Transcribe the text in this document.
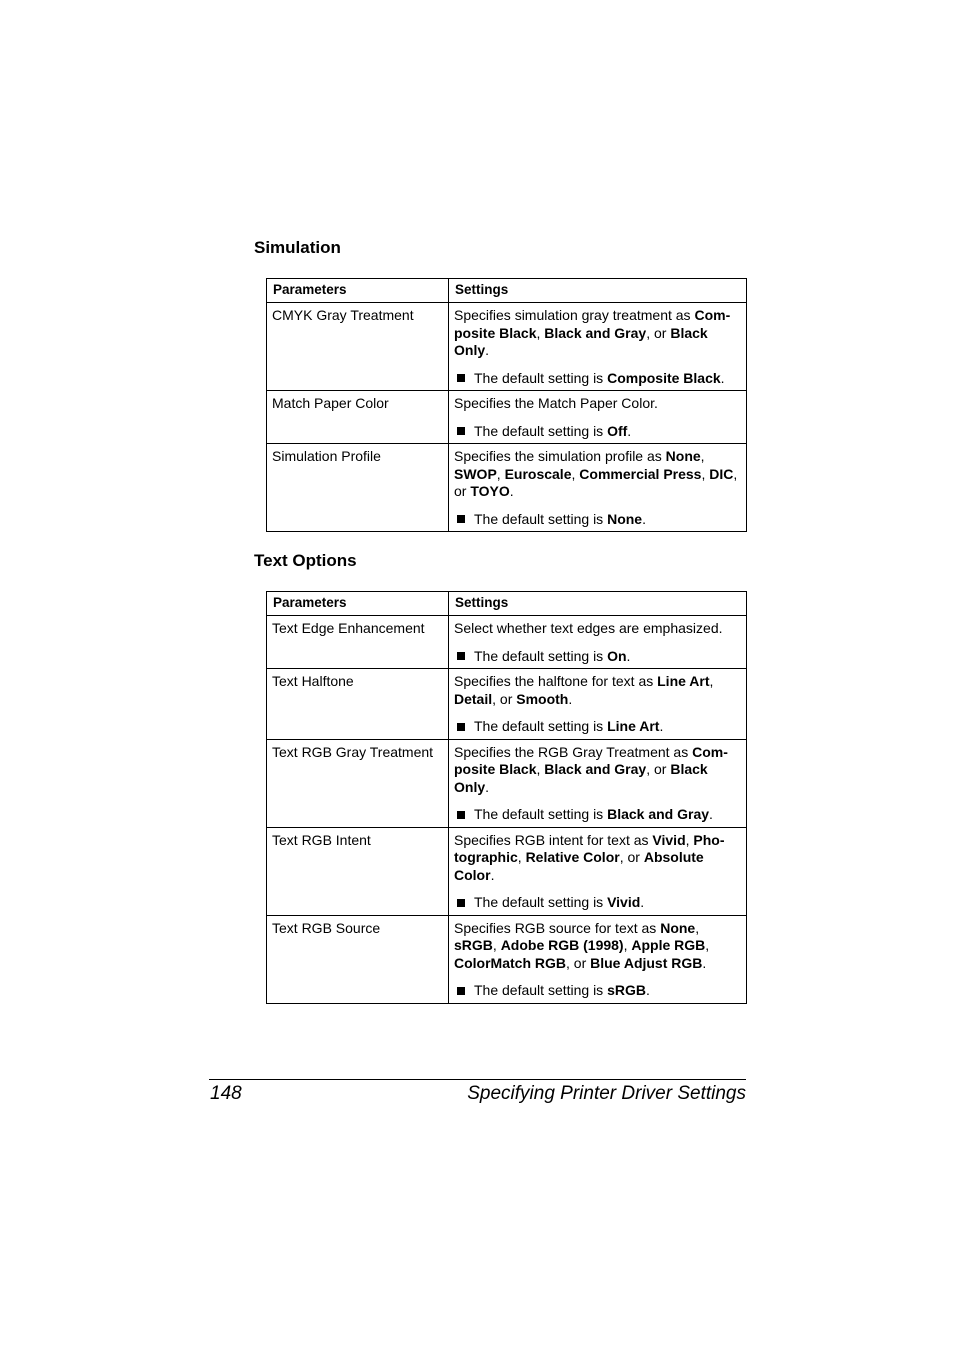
Simulation
Parameters	Settings
CMYK Gray Treatment	Specifies simulation gray treatment as Com-posite Black, Black and Gray, or Black Only.

The default setting is Composite Black.

Match Paper Color	Specifies the Match Paper Color.

The default setting is Off.

Simulation Profile	Specifies the simulation profile as None, SWOP, Euroscale, Commercial Press, DIC, or TOYO.

The default setting is None.

Text Options
Parameters	Settings
Text Edge Enhancement	Select whether text edges are emphasized.

The default setting is On.

Text Halftone	Specifies the halftone for text as Line Art, Detail, or Smooth.

The default setting is Line Art.

Text RGB Gray Treatment	Specifies the RGB Gray Treatment as Com-posite Black, Black and Gray, or Black Only.

The default setting is Black and Gray.

Text RGB Intent	Specifies RGB intent for text as Vivid, Pho-tographic, Relative Color, or Absolute Color.

The default setting is Vivid.

Text RGB Source	Specifies RGB source for text as None, sRGB, Adobe RGB (1998), Apple RGB, ColorMatch RGB, or Blue Adjust RGB.

The default setting is sRGB.

148	Specifying Printer Driver Settings
